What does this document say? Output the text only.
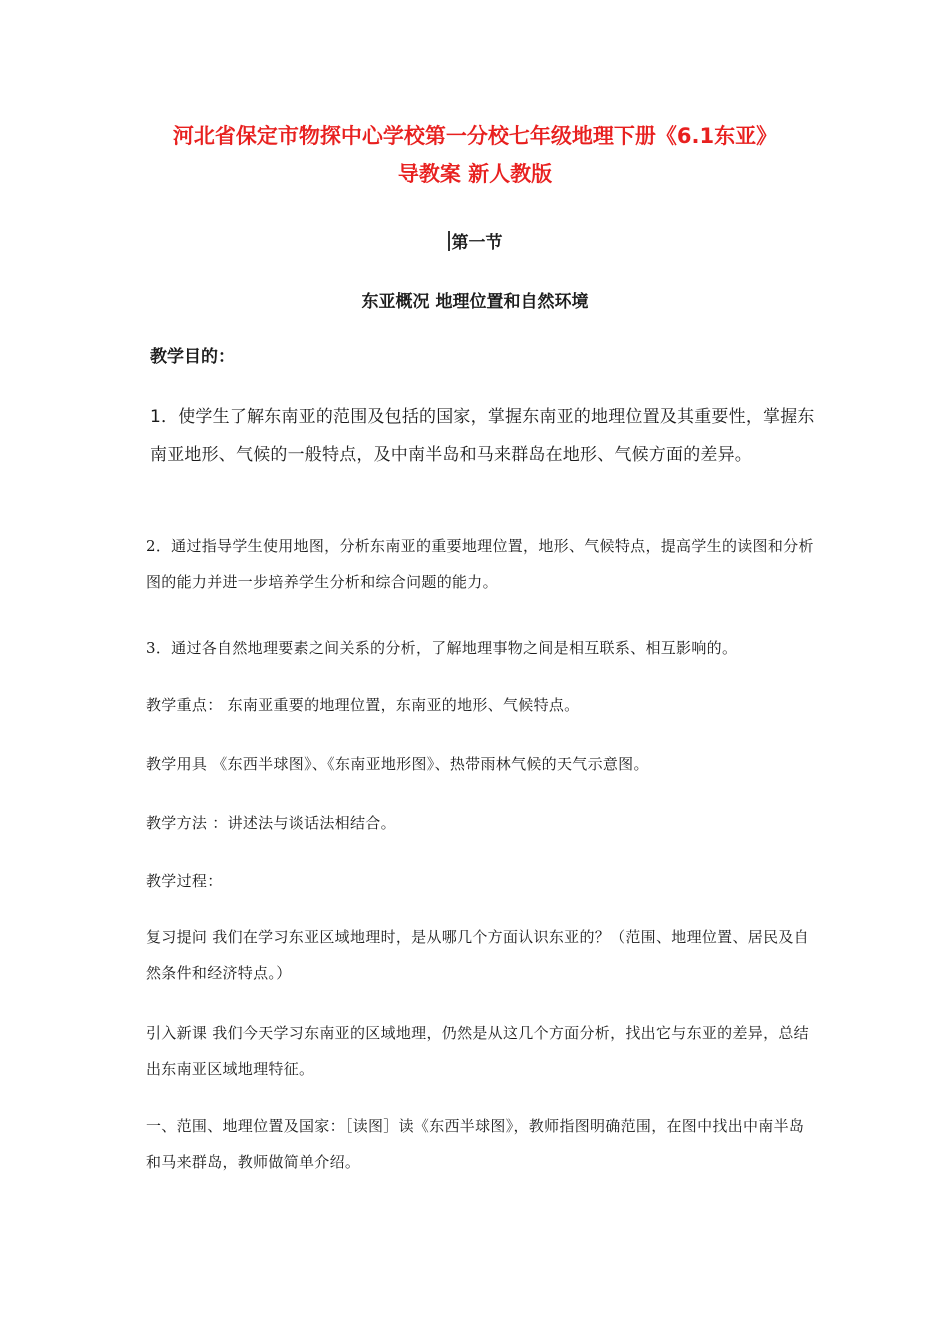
河北省保定市物探中心学校第一分校七年级地理下册《6.1东亚》
导教案 新人教版
第一节
东亚概况 地理位置和自然环境

教学目的：

1．使学生了解东南亚的范围及包括的国家，掌握东南亚的地理位置及其重要性，掌握东南亚地形、气候的一般特点，及中南半岛和马来群岛在地形、气候方面的差异。

2．通过指导学生使用地图，分析东南亚的重要地理位置，地形、气候特点，提高学生的读图和分析图的能力并进一步培养学生分析和综合问题的能力。

3．通过各自然地理要素之间关系的分析，了解地理事物之间是相互联系、相互影响的。

教学重点： 东南亚重要的地理位置，东南亚的地形、气候特点。

教学用具 《东西半球图》、《东南亚地形图》、热带雨林气候的天气示意图。

教学方法 ：讲述法与谈话法相结合。

教学过程：

复习提问 我们在学习东亚区域地理时，是从哪几个方面认识东亚的？（范围、地理位置、居民及自然条件和经济特点。）

引入新课 我们今天学习东南亚的区域地理，仍然是从这几个方面分析，找出它与东亚的差异，总结出东南亚区域地理特征。

一、范围、地理位置及国家：［读图］读《东西半球图》，教师指图明确范围，在图中找出中南半岛和马来群岛，教师做简单介绍。
